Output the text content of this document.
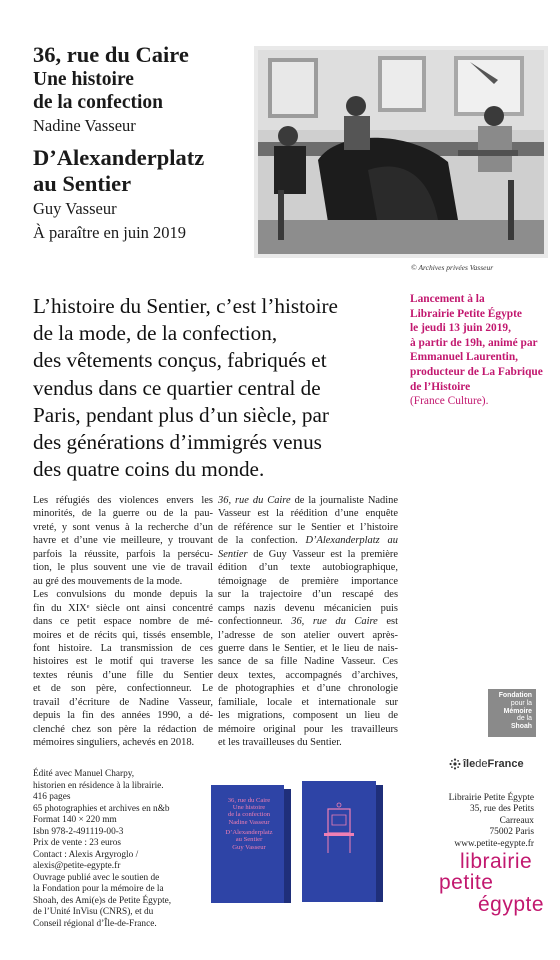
36, rue du Caire
Une histoire
de la confection
Nadine Vasseur
D’Alexanderplatz
au Sentier
Guy Vasseur
À paraître en juin 2019
© Archives privées Vasseur
L’histoire du Sentier, c’est l’histoire
de la mode, de la confection,
des vêtements conçus, fabriqués et
vendus dans ce quartier central de
Paris, pendant plus d’un siècle, par
des générations d’immigrés venus
des quatre coins du monde.
Lancement à la
Librairie Petite Égypte
le jeudi 13 juin 2019,
à partir de 19h, animé par
Emmanuel Laurentin,
producteur de La Fabrique
de l’Histoire
(France Culture).
Les réfugiés des violences envers les
minorités, de la guerre ou de la pau-
vreté, y sont venus à la recherche d’un
havre et d’une vie meilleure, y trouvant
parfois la réussite, parfois la persécu-
tion, le plus souvent une vie de travail
au gré des mouvements de la mode.
Les convulsions du monde depuis la
fin du XIXᵉ siècle ont ainsi concentré
dans ce petit espace nombre de mé-
moires et de récits qui, tissés ensemble,
font histoire. La transmission de ces
histoires est le motif qui traverse les
textes réunis d’une fille du Sentier
et de son père, confectionneur. Le
travail d’écriture de Nadine Vasseur,
depuis la fin des années 1990, a dé-
clenché chez son père la rédaction de
mémoires singuliers, achevés en 2018.
36, rue du Caire de la journaliste Nadine
Vasseur est la réédition d’une enquête
de référence sur le Sentier et l’histoire
de la confection. D’Alexanderplatz au
Sentier de Guy Vasseur est la première
édition d’un texte autobiographique,
témoignage de première importance
sur la trajectoire d’un rescapé des
camps nazis devenu mécanicien puis
confectionneur. 36, rue du Caire est
l’adresse de son atelier ouvert après-
guerre dans le Sentier, et le lieu de nais-
sance de sa fille Nadine Vasseur. Ces
deux textes, accompagnés d’archives,
de photographies et d’une chronologie
familiale, locale et internationale sur
les migrations, composent un lieu de
mémoire original pour les travailleurs
et les travailleuses du Sentier.
Fondation
pour la
Mémoire
de la
Shoah
îledeFrance
Édité avec Manuel Charpy,
historien en résidence à la librairie.
416 pages
65 photographies et archives en n&b
Format 140 × 220 mm
Isbn 978-2-491119-00-3
Prix de vente : 23 euros
Contact : Alexis Argyroglo /
alexis@petite-egypte.fr
Ouvrage publié avec le soutien de
la Fondation pour la mémoire de la
Shoah, des Ami(e)s de Petite Égypte,
de l’Unité InVisu (CNRS), et du
Conseil régional d’Île-de-France.
36, rue du Caire
Une histoire
de la confection
Nadine Vasseur
D’Alexanderplatz
au Sentier
Guy Vasseur
Librairie Petite Égypte
35, rue des Petits
Carreaux
75002 Paris
www.petite-egypte.fr
librairie
petite
égypte
